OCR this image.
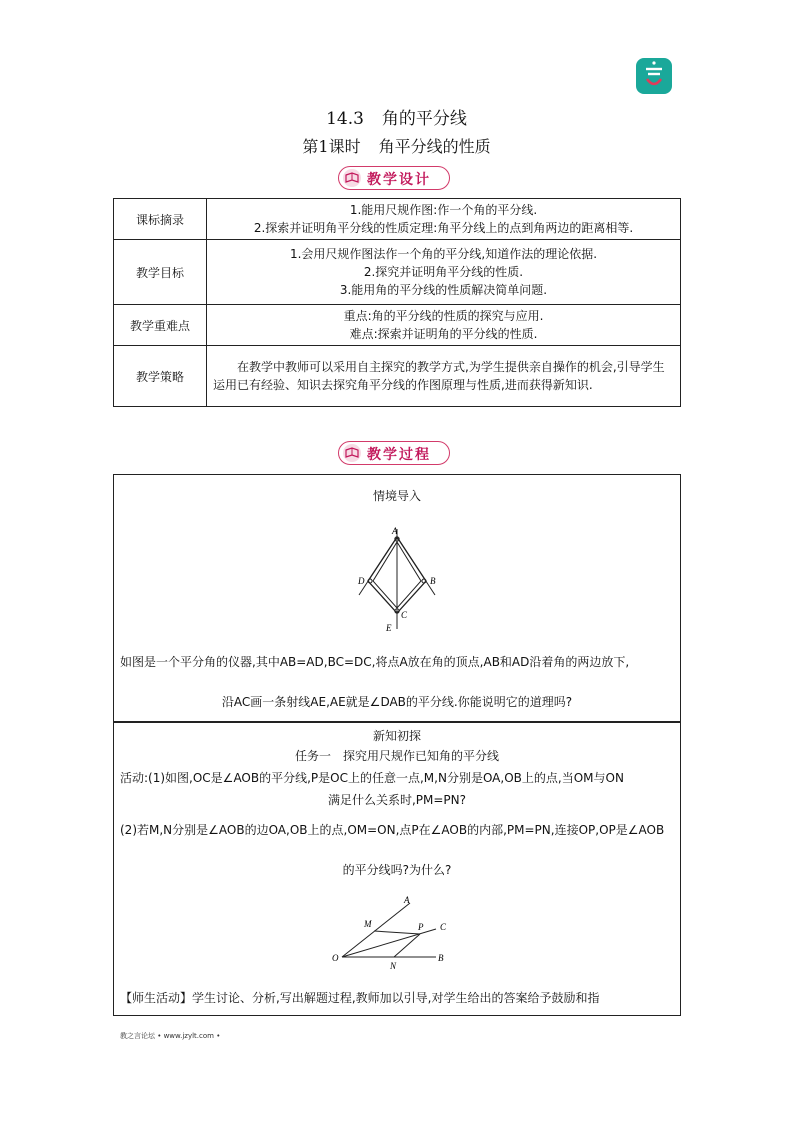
14.3 角的平分线
第1课时 角平分线的性质
教学设计
课标摘录	1.能用尺规作图:作一个角的平分线.
2.探索并证明角平分线的性质定理:角平分线上的点到角两边的距离相等.

教学目标	1.会用尺规作图法作一个角的平分线,知道作法的理论依据.
2.探究并证明角平分线的性质.
3.能用角的平分线的性质解决简单问题.

教学重难点	重点:角的平分线的性质的探究与应用.
难点:探索并证明角的平分线的性质.

教学策略	在教学中教师可以采用自主探究的教学方式,为学生提供亲自操作的机会,引导学生运用已有经验、知识去探究角平分线的作图原理与性质,进而获得新知识.
教学过程
情境导入
A
B
C
D
E
如图是一个平分角的仪器,其中AB=AD,BC=DC,将点A放在角的顶点,AB和AD沿着角的两边放下,
沿AC画一条射线AE,AE就是∠DAB的平分线.你能说明它的道理吗?
新知初探
任务一　探究用尺规作已知角的平分线
活动:(1)如图,OC是∠AOB的平分线,P是OC上的任意一点,M,N分别是OA,OB上的点,当OM与ON
满足什么关系时,PM=PN?
(2)若M,N分别是∠AOB的边OA,OB上的点,OM=ON,点P在∠AOB的内部,PM=PN,连接OP,OP是∠AOB
的平分线吗?为什么?
A
M	P C
O
N
B
【师生活动】学生讨论、分析,写出解题过程,教师加以引导,对学生给出的答案给予鼓励和指
教之言论坛 • www.jzylt.com •
